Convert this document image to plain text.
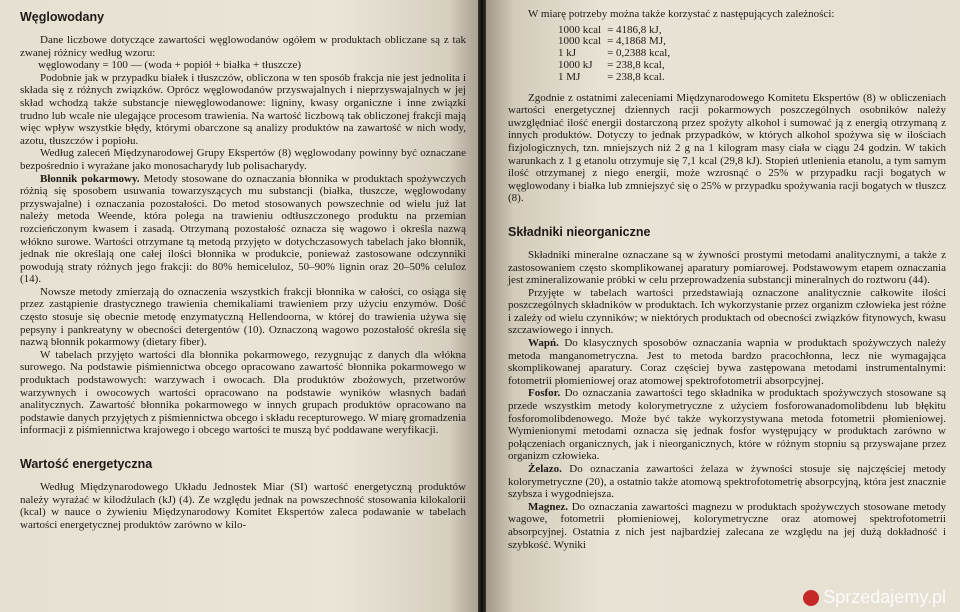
Węglowodany

Dane liczbowe dotyczące zawartości węglowodanów ogółem w produktach obliczane są z tak zwanej różnicy według wzoru:

węglowodany = 100 — (woda + popiół + białka + tłuszcze)

Podobnie jak w przypadku białek i tłuszczów, obliczona w ten sposób frakcja nie jest jednolita i składa się z różnych związków. Oprócz węglowodanów przyswajalnych i nieprzyswajalnych w jej skład wchodzą także substancje niewęglowodanowe: ligniny, kwasy organiczne i inne związki trudno lub wcale nie ulegające procesom trawienia. Na wartość liczbową tak obliczonej frakcji mają więc wpływ wszystkie błędy, którymi obarczone są analizy produktów na zawartość w nich wody, azotu, tłuszczów i popiołu.

Według zaleceń Międzynarodowej Grupy Ekspertów (8) węglowodany powinny być oznaczane bezpośrednio i wyrażane jako monosacharydy lub polisacharydy.

Błonnik pokarmowy. Metody stosowane do oznaczania błonnika w produktach spożywczych różnią się sposobem usuwania towarzyszących mu substancji (białka, tłuszcze, węglowodany przyswajalne) i oznaczania pozostałości. Do metod stosowanych powszechnie od wielu już lat należy metoda Weende, która polega na trawieniu odtłuszczonego produktu na przemian rozcieńczonym kwasem i zasadą. Otrzymaną pozostałość oznacza się wagowo i określa nazwą włókno surowe. Wartości otrzymane tą metodą przyjęto w dotychczasowych tabelach jako błonnik, jednak nie określają one całej ilości błonnika w produkcie, ponieważ zastosowane odczynniki powodują straty różnych jego frakcji: do 80% hemiceluloz, 50–90% lignin oraz 20–50% celuloz (14).

Nowsze metody zmierzają do oznaczenia wszystkich frakcji błonnika w całości, co osiąga się przez zastąpienie drastycznego trawienia chemikaliami trawieniem przy użyciu enzymów. Dość często stosuje się obecnie metodę enzymatyczną Hellendoorna, w której do trawienia używa się pepsyny i pankreatyny w obecności detergentów (10). Oznaczoną wagowo pozostałość określa się nazwą błonnik pokarmowy (dietary fiber).

W tabelach przyjęto wartości dla błonnika pokarmowego, rezygnując z danych dla włókna surowego. Na podstawie piśmiennictwa obcego opracowano zawartość błonnika pokarmowego w produktach podstawowych: warzywach i owocach. Dla produktów zbożowych, przetworów warzywnych i owocowych wartości opracowano na podstawie wyników własnych badań analitycznych. Zawartość błonnika pokarmowego w innych grupach produktów opracowano na podstawie danych przyjętych z piśmiennictwa obcego i składu recepturowego. W miarę gromadzenia informacji z piśmiennictwa krajowego i obcego wartości te muszą być poddawane weryfikacji.

Wartość energetyczna

Według Międzynarodowego Układu Jednostek Miar (SI) wartość energetyczną produktów należy wyrażać w kilodżulach (kJ) (4). Ze względu jednak na powszechność stosowania kilokalorii (kcal) w nauce o żywieniu Międzynarodowy Komitet Ekspertów zaleca podawanie w tabelach wartości energetycznej produktów zarówno w kilo-

W miarę potrzeby można także korzystać z następujących zależności:

1000 kcal	= 4186,8 kJ,
1000 kcal	= 4,1868 MJ,
1 kJ	= 0,2388 kcal,
1000 kJ	= 238,8 kcal,
1 MJ	= 238,8 kcal.

Zgodnie z ostatnimi zaleceniami Międzynarodowego Komitetu Ekspertów (8) w obliczeniach wartości energetycznej dziennych racji pokarmowych poszczególnych osobników należy uwzględniać ilość energii dostarczoną przez spożyty alkohol i sumować ją z energią otrzymaną z innych produktów. Dotyczy to jednak przypadków, w których alkohol spożywa się w ilościach fizjologicznych, tzn. mniejszych niż 2 g na 1 kilogram masy ciała w ciągu 24 godzin. W takich warunkach z 1 g etanolu otrzymuje się 7,1 kcal (29,8 kJ). Stopień utlenienia etanolu, a tym samym ilość otrzymanej z niego energii, może wzrosnąć o 25% w przypadku racji bogatych w węglowodany i białka lub zmniejszyć się o 25% w przypadku spożywania racji bogatych w tłuszcz (8).

Składniki nieorganiczne

Składniki mineralne oznaczane są w żywności prostymi metodami analitycznymi, a także z zastosowaniem często skomplikowanej aparatury pomiarowej. Podstawowym etapem oznaczania jest zmineralizowanie próbki w celu przeprowadzenia substancji mineralnych do roztworu (44).

Przyjęte w tabelach wartości przedstawiają oznaczone analitycznie całkowite ilości poszczególnych składników w produktach. Ich wykorzystanie przez organizm człowieka jest różne i zależy od wielu czynników; w niektórych produktach od obecności związków fitynowych, kwasu szczawiowego i innych.

Wapń. Do klasycznych sposobów oznaczania wapnia w produktach spożywczych należy metoda manganometryczna. Jest to metoda bardzo pracochłonna, lecz nie wymagająca skomplikowanej aparatury. Coraz częściej bywa zastępowana metodami instrumentalnymi: fotometrii płomieniowej oraz atomowej spektrofotometrii absorpcyjnej.

Fosfor. Do oznaczania zawartości tego składnika w produktach spożywczych stosowane są przede wszystkim metody kolorymetryczne z użyciem fosforowanadomolibdenu lub błękitu fosforomolibdenowego. Może być także wykorzystywana metoda fotometrii płomieniowej. Wymienionymi metodami oznacza się jednak fosfor występujący w produktach zarówno w połączeniach organicznych, jak i nieorganicznych, które w różnym stopniu są przyswajane przez organizm człowieka.

Żelazo. Do oznaczania zawartości żelaza w żywności stosuje się najczęściej metody kolorymetryczne (20), a ostatnio także atomową spektrofotometrię absorpcyjną, która jest znacznie szybsza i wygodniejsza.

Magnez. Do oznaczania zawartości magnezu w produktach spożywczych stosowane metody wagowe, fotometrii płomieniowej, kolorymetryczne oraz atomowej spektrofotometrii absorpcyjnej. Ostatnia z nich jest najbardziej zalecana ze względu na jej dużą dokładność i szybkość. Wyniki

Sprzedajemy.pl
